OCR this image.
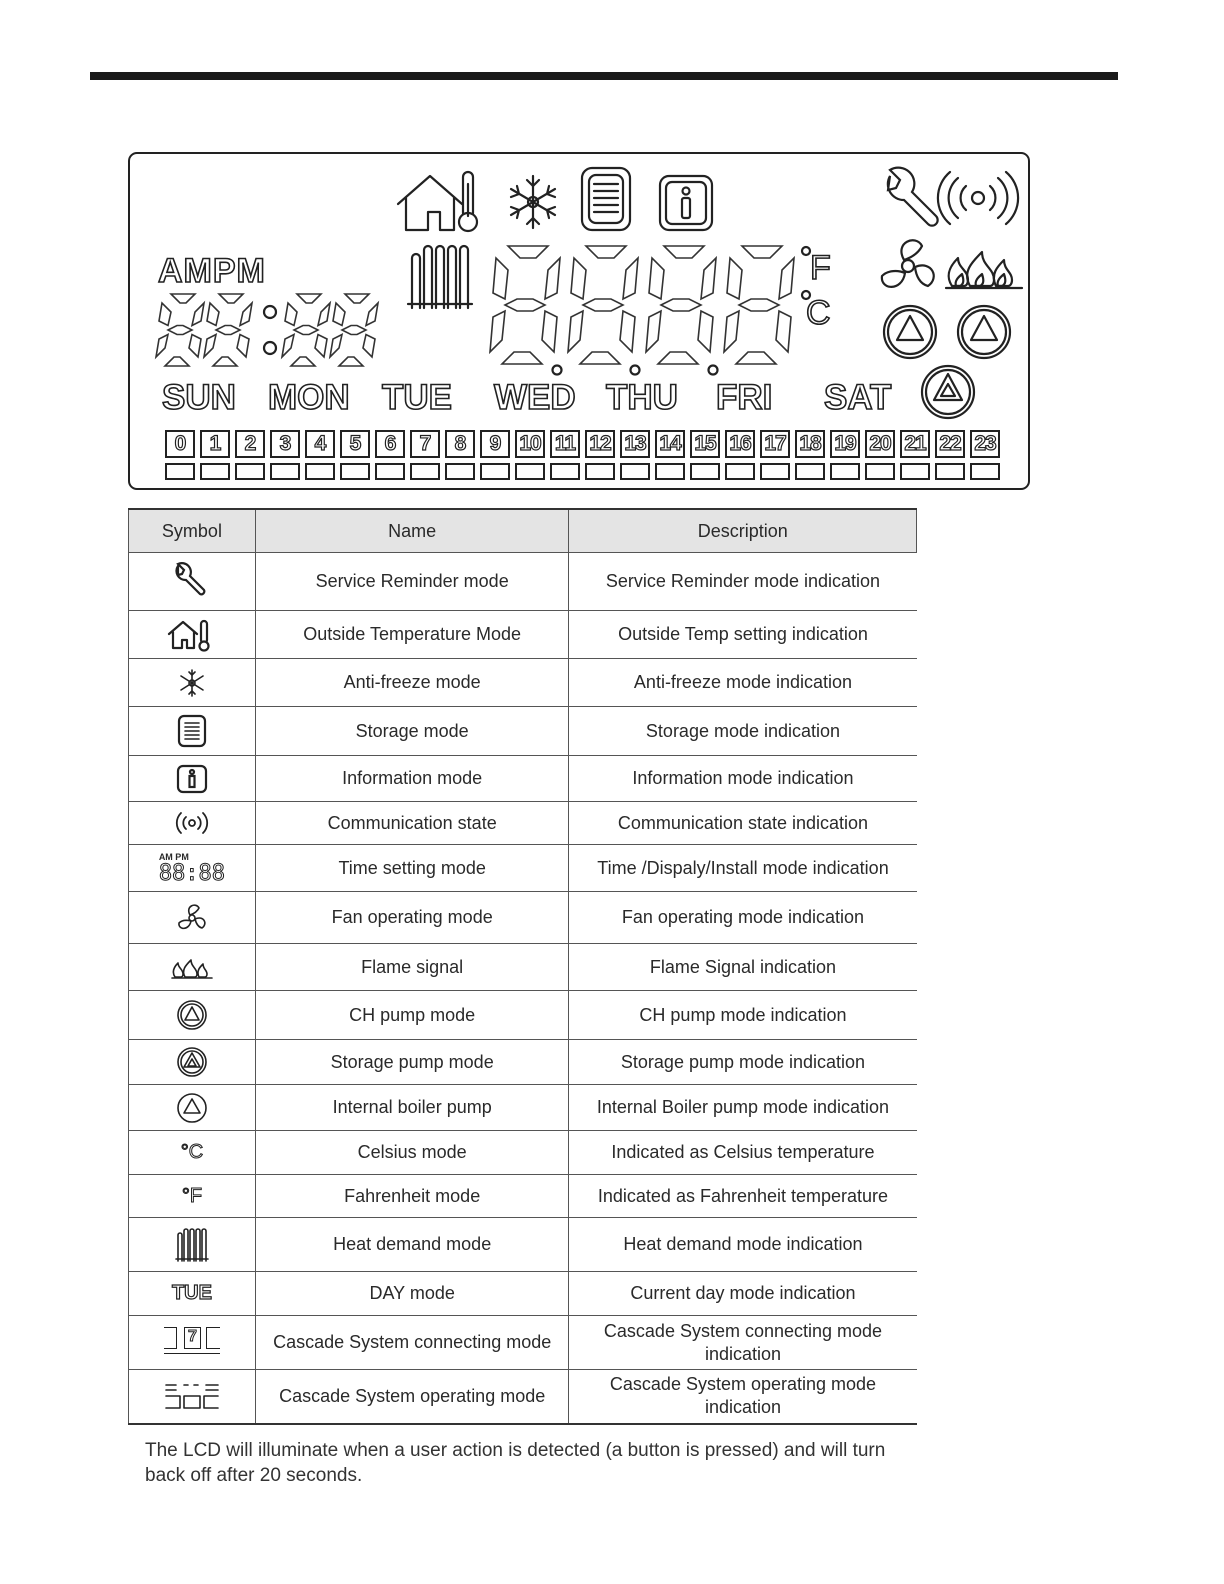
AMPM	F
C
SUN MON TUE WED THU FRI SAT
0	1	2	3	4	5	6	7	8	9 10 11 12 13 14 15 16 17 18 19 20 21 22 23
Symbol	Name	Description
	Service Reminder mode	Service Reminder mode indication
	Outside Temperature Mode	Outside Temp setting indication
	Anti-freeze mode	Anti-freeze mode indication
	Storage mode	Storage mode indication
	Information mode	Information mode indication
	Communication state	Communication state indication

AM PM
88:88	Time setting mode	Time /Dispaly/Install mode indication
	Fan operating mode	Fan operating mode indication
	Flame signal	Flame Signal indication
	CH pump mode	CH pump mode indication
	Storage pump mode	Storage pump mode indication
	Internal boiler pump	Internal Boiler pump mode indication
°C	Celsius mode	Indicated as Celsius temperature
°F	Fahrenheit mode	Indicated as Fahrenheit temperature
	Heat demand mode	Heat demand mode indication
TUE	DAY mode	Current day mode indication

7	Cascade System connecting mode	Cascade System connecting mode indication
	Cascade System operating mode	Cascade System operating mode indication
The LCD will illuminate when a user action is detected (a button is pressed) and will turn back off after 20 seconds.
